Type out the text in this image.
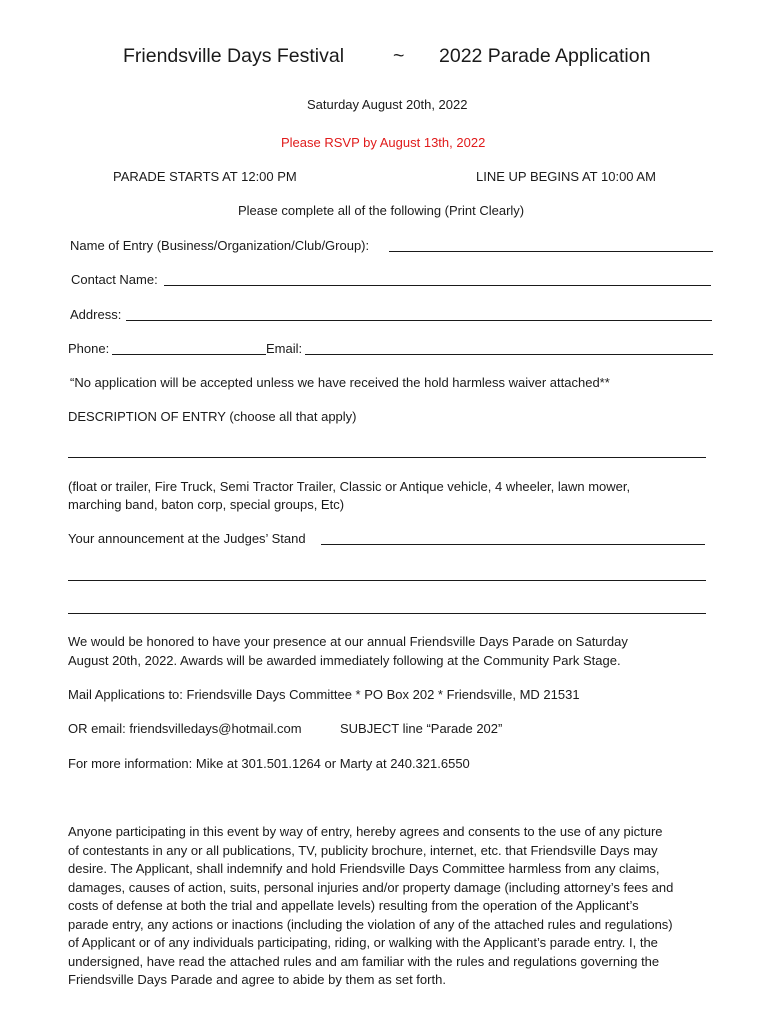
Friendsville Days Festival	~ 2022 Parade Application
Saturday August 20th, 2022
Please RSVP by August 13th, 2022
PARADE STARTS AT 12:00 PM	LINE UP BEGINS AT 10:00 AM
Please complete all of the following (Print Clearly)
Name of Entry (Business/Organization/Club/Group):
Contact Name:
Address:
Phone:	Email:
“No application will be accepted unless we have received the hold harmless waiver attached**
DESCRIPTION OF ENTRY (choose all that apply)
(float or trailer, Fire Truck, Semi Tractor Trailer, Classic or Antique vehicle, 4 wheeler, lawn mower,
marching band, baton corp, special groups, Etc)
Your announcement at the Judges’ Stand
We would be honored to have your presence at our annual Friendsville Days Parade on Saturday
August 20th, 2022. Awards will be awarded immediately following at the Community Park Stage.
Mail Applications to: Friendsville Days Committee * PO Box 202 * Friendsville, MD 21531
OR email: friendsvilledays@hotmail.com	SUBJECT line “Parade 202”
For more information: Mike at 301.501.1264 or Marty at 240.321.6550
Anyone participating in this event by way of entry, hereby agrees and consents to the use of any picture
of contestants in any or all publications, TV, publicity brochure, internet, etc. that Friendsville Days may
desire. The Applicant, shall indemnify and hold Friendsville Days Committee harmless from any claims,
damages, causes of action, suits, personal injuries and/or property damage (including attorney’s fees and
costs of defense at both the trial and appellate levels) resulting from the operation of the Applicant’s
parade entry, any actions or inactions (including the violation of any of the attached rules and regulations)
of Applicant or of any individuals participating, riding, or walking with the Applicant’s parade entry. I, the
undersigned, have read the attached rules and am familiar with the rules and regulations governing the
Friendsville Days Parade and agree to abide by them as set forth.
